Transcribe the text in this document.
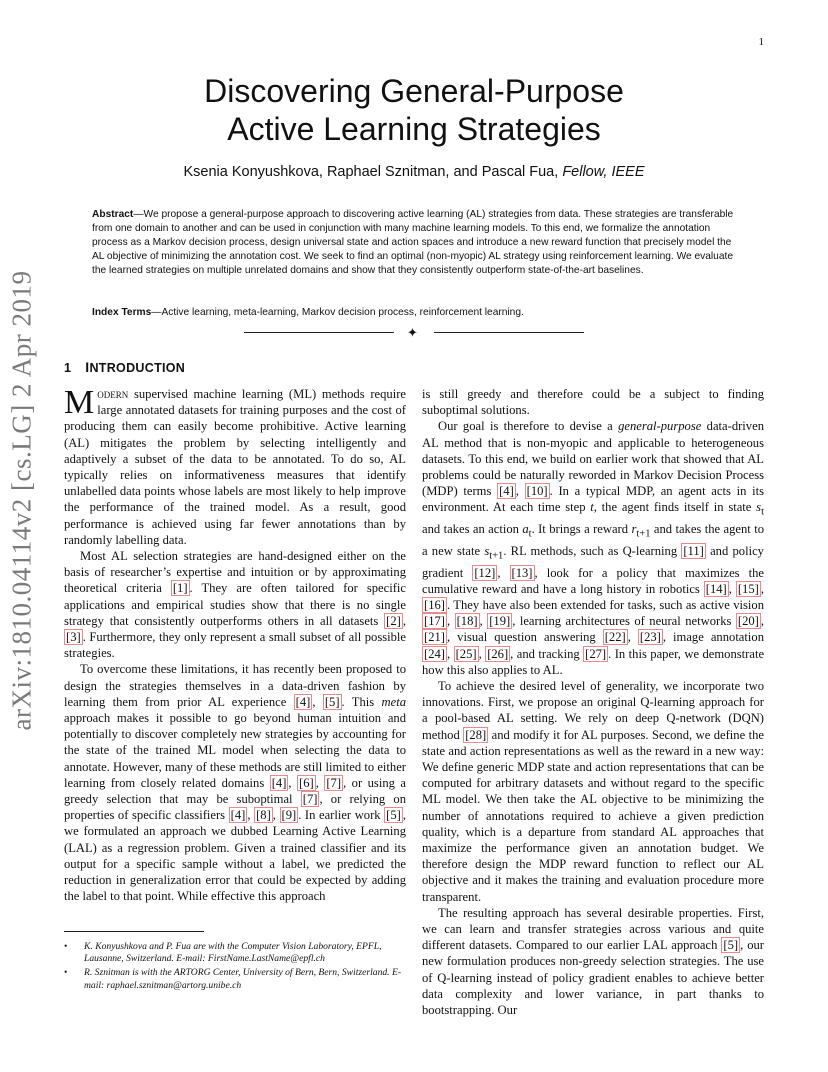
1
arXiv:1810.04114v2 [cs.LG] 2 Apr 2019
Discovering General-Purpose
Active Learning Strategies
Ksenia Konyushkova, Raphael Sznitman, and Pascal Fua, Fellow, IEEE
Abstract—We propose a general-purpose approach to discovering active learning (AL) strategies from data. These strategies are transferable from one domain to another and can be used in conjunction with many machine learning models. To this end, we formalize the annotation process as a Markov decision process, design universal state and action spaces and introduce a new reward function that precisely model the AL objective of minimizing the annotation cost. We seek to find an optimal (non-myopic) AL strategy using reinforcement learning. We evaluate the learned strategies on multiple unrelated domains and show that they consistently outperform state-of-the-art baselines.
Index Terms—Active learning, meta-learning, Markov decision process, reinforcement learning.
✦
1 INTRODUCTION

Modern supervised machine learning (ML) methods require large annotated datasets for training purposes and the cost of producing them can easily become prohibitive. Active learning (AL) mitigates the problem by selecting intelligently and adaptively a subset of the data to be annotated. To do so, AL typically relies on informativeness measures that identify unlabelled data points whose labels are most likely to help improve the performance of the trained model. As a result, good performance is achieved using far fewer annotations than by randomly labelling data.

Most AL selection strategies are hand-designed either on the basis of researcher’s expertise and intuition or by approximating theoretical criteria [1] . They are often tailored for specific applications and empirical studies show that there is no single strategy that consistently outperforms others in all datasets [2] , [3] . Furthermore, they only represent a small subset of all possible strategies.

To overcome these limitations, it has recently been proposed to design the strategies themselves in a data-driven fashion by learning them from prior AL experience [4] , [5] . This meta approach makes it possible to go beyond human intuition and potentially to discover completely new strategies by accounting for the state of the trained ML model when selecting the data to annotate. However, many of these methods are still limited to either learning from closely related domains [4] , [6] , [7] , or using a greedy selection that may be suboptimal [7] , or relying on properties of specific classifiers [4] , [8] , [9] . In earlier work [5] , we formulated an approach we dubbed Learning Active Learning (LAL) as a regression problem. Given a trained classifier and its output for a specific sample without a label, we predicted the reduction in generalization error that could be expected by adding the label to that point. While effective this approach

is still greedy and therefore could be a subject to finding suboptimal solutions.

Our goal is therefore to devise a general-purpose data-driven AL method that is non-myopic and applicable to heterogeneous datasets. To this end, we build on earlier work that showed that AL problems could be naturally reworded in Markov Decision Process (MDP) terms [4] , [10] . In a typical MDP, an agent acts in its environment. At each time step t, the agent finds itself in state $s_t$ and takes an action $a_t$. It brings a reward $r_{t+1}$ and takes the agent to a new state $s_{t+1}$. RL methods, such as Q-learning [11] and policy gradient [12] , [13] , look for a policy that maximizes the cumulative reward and have a long history in robotics [14] , [15] , [16] . They have also been extended for tasks, such as active vision [17] , [18] , [19] , learning architectures of neural networks [20] , [21] , visual question answering [22] , [23] , image annotation [24] , [25] , [26] , and tracking [27] . In this paper, we demonstrate how this also applies to AL.

To achieve the desired level of generality, we incorporate two innovations. First, we propose an original Q-learning approach for a pool-based AL setting. We rely on deep Q-network (DQN) method [28] and modify it for AL purposes. Second, we define the state and action representations as well as the reward in a new way: We define generic MDP state and action representations that can be computed for arbitrary datasets and without regard to the specific ML model. We then take the AL objective to be minimizing the number of annotations required to achieve a given prediction quality, which is a departure from standard AL approaches that maximize the performance given an annotation budget. We therefore design the MDP reward function to reflect our AL objective and it makes the training and evaluation procedure more transparent.

The resulting approach has several desirable properties. First, we can learn and transfer strategies across various and quite different datasets. Compared to our earlier LAL approach [5] , our new formulation produces non-greedy selection strategies. The use of Q-learning instead of policy gradient enables to achieve better data complexity and lower variance, in part thanks to bootstrapping. Our

• K. Konyushkova and P. Fua are with the Computer Vision Laboratory, EPFL, Lausanne, Switzerland. E-mail: FirstName.LastName@epfl.ch
• R. Sznitman is with the ARTORG Center, University of Bern, Bern, Switzerland. E-mail: raphael.sznitman@artorg.unibe.ch
